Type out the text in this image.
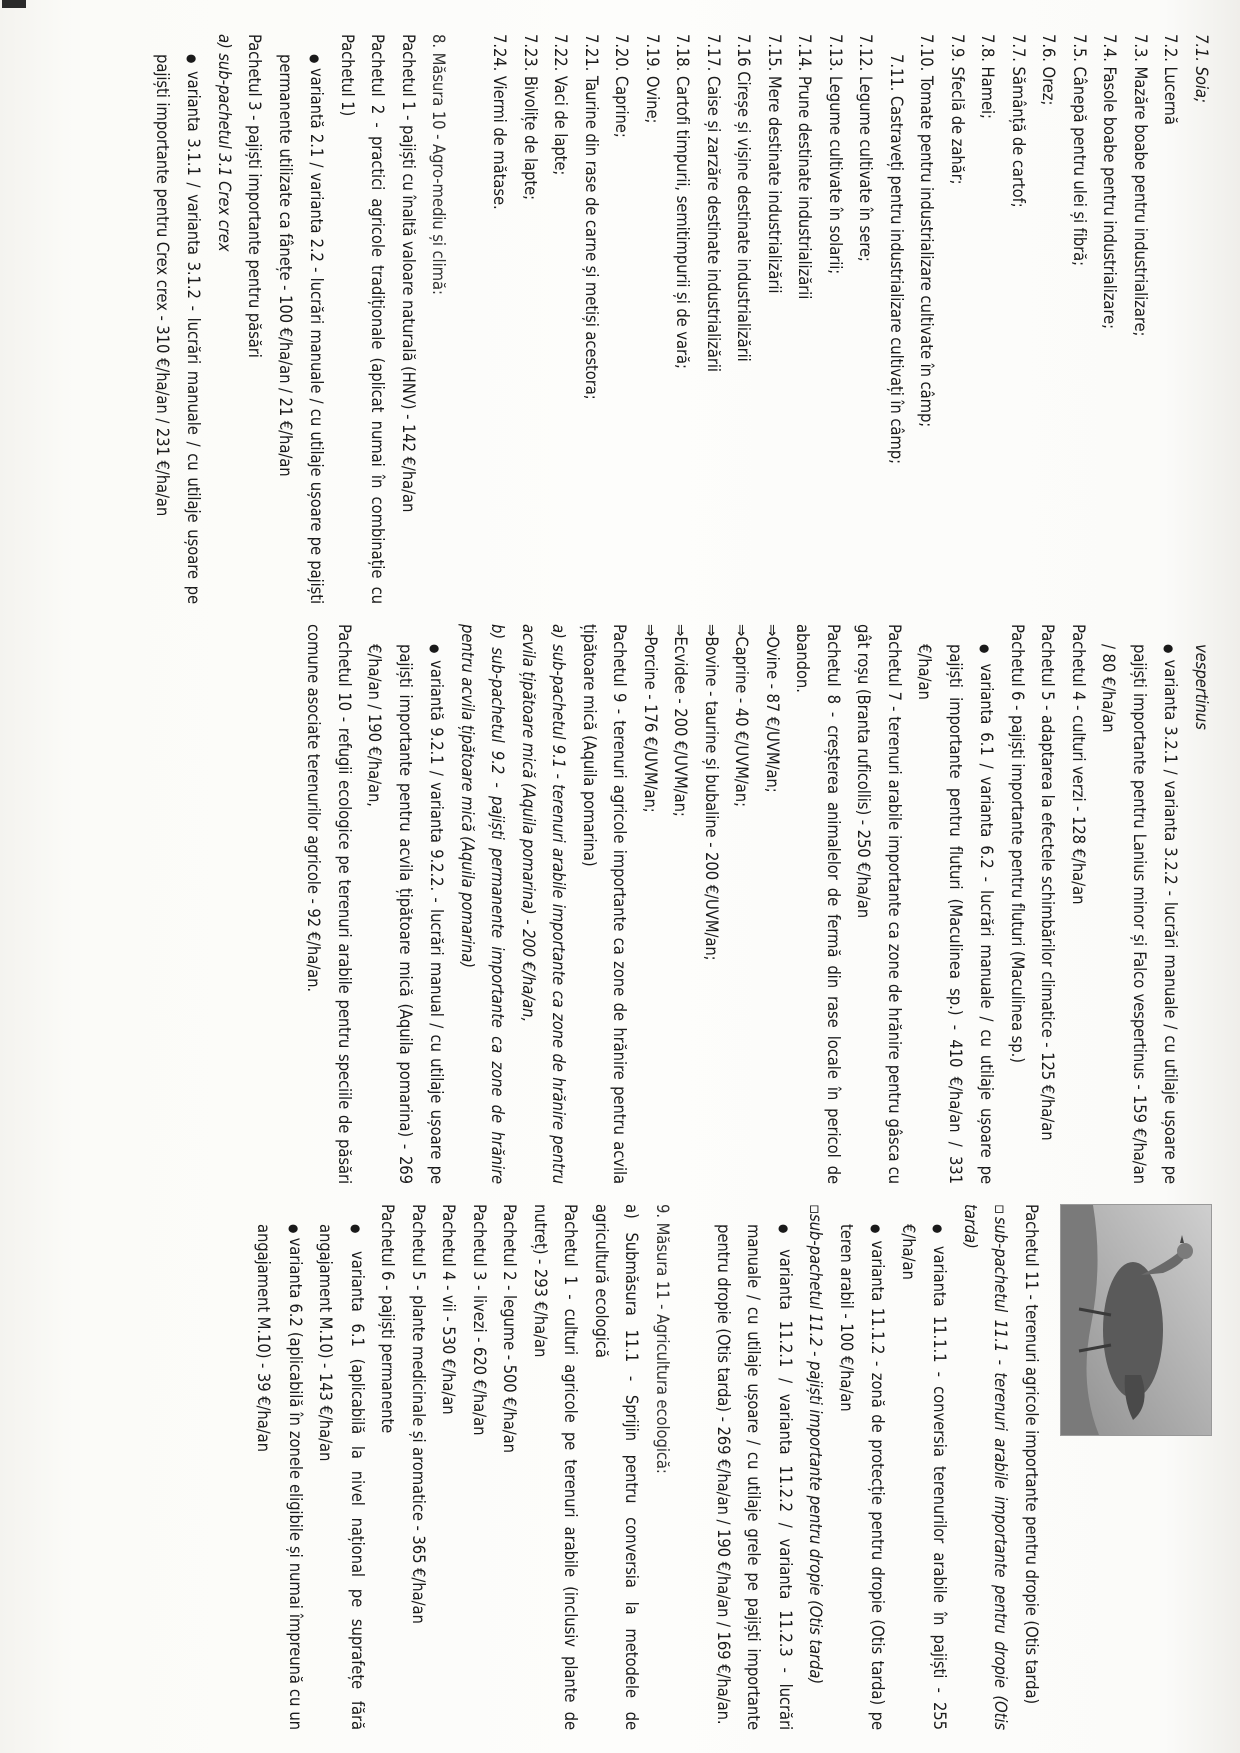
7.1. Soia;
7.2. Lucernă
7.3. Mazăre boabe pentru industrializare;
7.4. Fasole boabe pentru industrializare;
7.5. Cânepă pentru ulei și fibră;
7.6. Orez;
7.7. Sămânță de cartof;
7.8. Hamei;
7.9. Sfeclă de zahăr;
7.10. Tomate pentru industrializare cultivate în câmp;
7.11. Castraveți pentru industrializare cultivați în câmp;
7.12. Legume cultivate în sere;
7.13. Legume cultivate în solarii;
7.14. Prune destinate industrializării
7.15. Mere destinate industrializării
7.16 Cireșe și vișine destinate industrializării
7.17. Caise și zarzăre destinate industrializării
7.18. Cartofi timpurii, semitimpurii și de vară;
7.19. Ovine;
7.20. Caprine;
7.21. Taurine din rase de carne și metiși acestora;
7.22. Vaci de lapte;
7.23. Bivolițe de lapte;
7.24. Viermi de mătase.

8. Măsura 10 - Agro-mediu și climă:
Pachetul 1 - pajiști cu înaltă valoare naturală (HNV) - 142 €/ha/an
Pachetul 2 - practici agricole tradiționale (aplicat numai în combinație cu Pachetul 1)
● variantă 2.1 / varianta 2.2 - lucrări manuale / cu utilaje ușoare pe pajiști permanente utilizate ca fânețe - 100 €/ha/an / 21 €/ha/an
Pachetul 3 - pajiști importante pentru păsări
a) sub-pachetul 3.1 Crex crex
● varianta 3.1.1 / varianta 3.1.2 - lucrări manuale / cu utilaje ușoare pe pajiști importante pentru Crex crex - 310 €/ha/an / 231 €/ha/an
vespertinus
● varianta 3.2.1 / varianta 3.2.2 - lucrări manuale / cu utilaje ușoare pe pajiști importante pentru Lanius minor și Falco vespertinus - 159 €/ha/an / 80 €/ha/an
Pachetul 4 - culturi verzi - 128 €/ha/an
Pachetul 5 - adaptarea la efectele schimbărilor climatice - 125 €/ha/an
Pachetul 6 - pajiști importante pentru fluturi (Maculinea sp.)
● varianta 6.1 / varianta 6.2 - lucrări manuale / cu utilaje ușoare pe pajiști importante pentru fluturi (Maculinea sp.) - 410 €/ha/an / 331 €/ha/an
Pachetul 7 - terenuri arabile importante ca zone de hrănire pentru gâsca cu gât roșu (Branta ruficollis) - 250 €/ha/an
Pachetul 8 - creșterea animalelor de fermă din rase locale în pericol de abandon.
⇒ Ovine - 87 €/UVM/an;
⇒ Caprine - 40 €/UVM/an;
⇒ Bovine - taurine și bubaline - 200 €/UVM/an;
⇒ Ecvidee - 200 €/UVM/an;
⇒ Porcine - 176 €/UVM/an;
Pachetul 9 - terenuri agricole importante ca zone de hrănire pentru acvila țipătoare mică (Aquila pomarina)
a) sub-pachetul 9.1 - terenuri arabile importante ca zone de hrănire pentru acvila țipătoare mică (Aquila pomarina) - 200 €/ha/an,
b) sub-pachetul 9.2 - pajiști permanente importante ca zone de hrănire pentru acvila țipătoare mică (Aquila pomarina)
● variantă 9.2.1 / varianta 9.2.2. - lucrări manual / cu utilaje ușoare pe pajiști importante pentru acvila țipătoare mică (Aquila pomarina) - 269 €/ha/an / 190 €/ha/an,
Pachetul 10 - refugii ecologice pe terenuri arabile pentru speciile de păsări comune asociate terenurilor agricole - 92 €/ha/an.
Pachetul 11 - terenuri agricole importante pentru dropie (Otis tarda)
▫ sub-pachetul 11.1 - terenuri arabile importante pentru dropie (Otis tarda)
● varianta 11.1.1 - conversia terenurilor arabile în pajiști - 255 €/ha/an
● varianta 11.1.2 - zonă de protecție pentru dropie (Otis tarda) pe teren arabil - 100 €/ha/an
▫ sub-pachetul 11.2 - pajiști importante pentru dropie (Otis tarda)
● varianta 11.2.1 / varianta 11.2.2 / varianta 11.2.3 - lucrări manuale / cu utilaje ușoare / cu utilaje grele pe pajiști importante pentru dropie (Otis tarda) - 269 €/ha/an / 190 €/ha/an / 169 €/ha/an.

9. Măsura 11 - Agricultura ecologică:
a) Submăsura 11.1 - Sprijin pentru conversia la metodele de agricultură ecologică
Pachetul 1 - culturi agricole pe terenuri arabile (inclusiv plante de nutreț) - 293 €/ha/an
Pachetul 2 - legume - 500 €/ha/an
Pachetul 3 - livezi - 620 €/ha/an
Pachetul 4 - vii - 530 €/ha/an
Pachetul 5 - plante medicinale și aromatice - 365 €/ha/an
Pachetul 6 - pajiști permanente
● varianta 6.1 (aplicabilă la nivel național pe suprafețe fără angajament M.10) - 143 €/ha/an
● varianta 6.2 (aplicabilă în zonele eligibile și numai împreună cu un angajament M.10) - 39 €/ha/an
